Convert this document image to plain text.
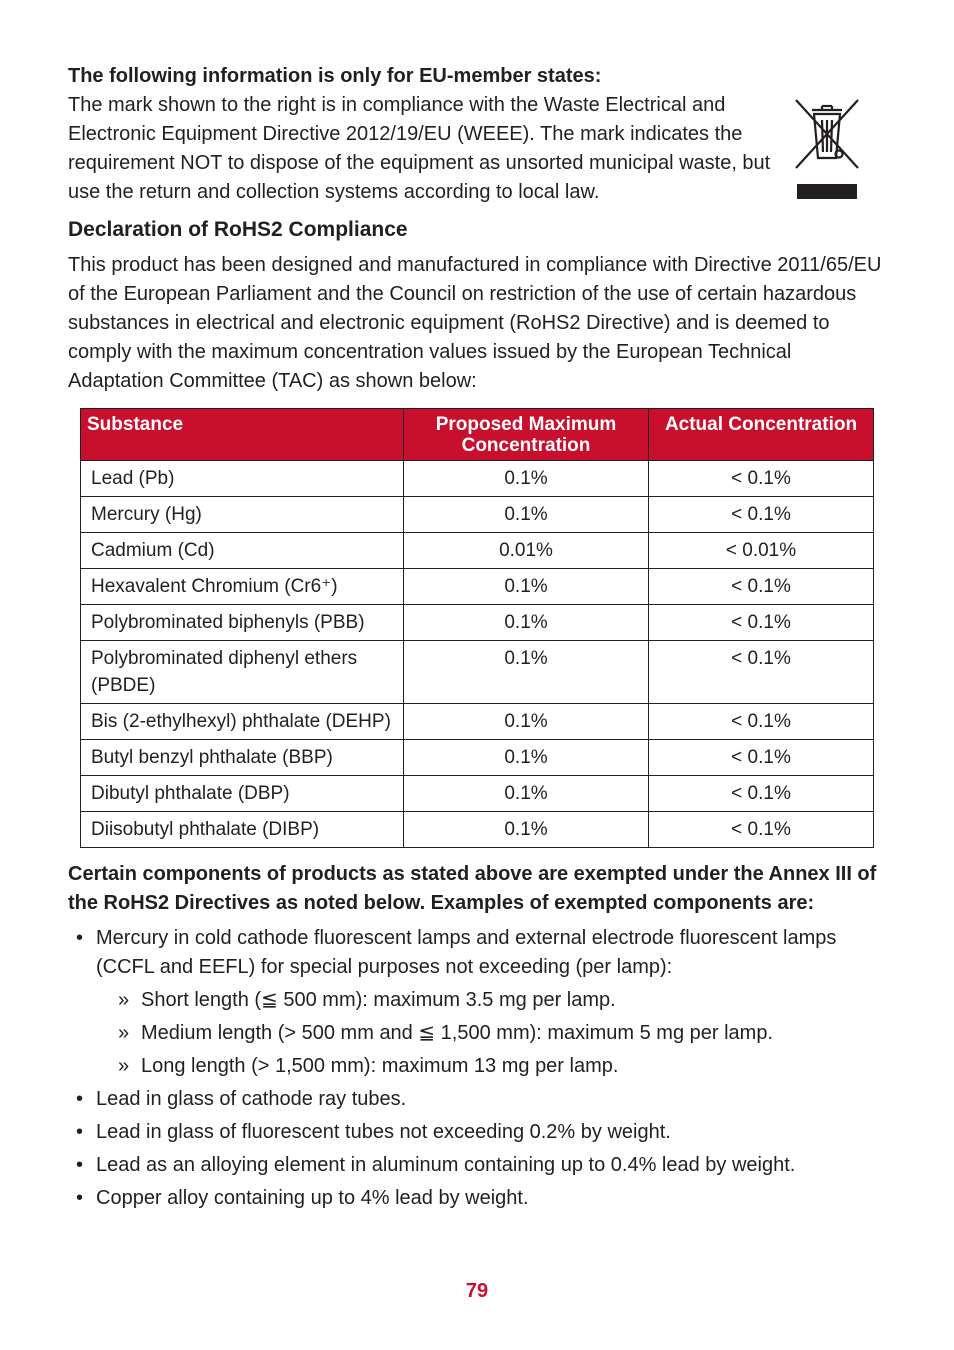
The following information is only for EU-member states:

The mark shown to the right is in compliance with the Waste Electrical and Electronic Equipment Directive 2012/19/EU (WEEE). The mark indicates the requirement NOT to dispose of the equipment as unsorted municipal waste, but use the return and collection systems according to local law.

Declaration of RoHS2 Compliance

This product has been designed and manufactured in compliance with Directive 2011/65/EU of the European Parliament and the Council on restriction of the use of certain hazardous substances in electrical and electronic equipment (RoHS2 Directive) and is deemed to comply with the maximum concentration values issued by the European Technical Adaptation Committee (TAC) as shown below:

Substance	Proposed Maximum Concentration	Actual Concentration
Lead (Pb)	0.1%	< 0.1%
Mercury (Hg)	0.1%	< 0.1%
Cadmium (Cd)	0.01%	< 0.01%
Hexavalent Chromium (Cr6⁺)	0.1%	< 0.1%
Polybrominated biphenyls (PBB)	0.1%	< 0.1%
Polybrominated diphenyl ethers (PBDE)	0.1%	< 0.1%
Bis (2-ethylhexyl) phthalate (DEHP)	0.1%	< 0.1%
Butyl benzyl phthalate (BBP)	0.1%	< 0.1%
Dibutyl phthalate (DBP)	0.1%	< 0.1%
Diisobutyl phthalate (DIBP)	0.1%	< 0.1%
Certain components of products as stated above are exempted under the Annex III of the RoHS2 Directives as noted below. Examples of exempted components are:
• Mercury in cold cathode fluorescent lamps and external electrode fluorescent lamps (CCFL and EEFL) for special purposes not exceeding (per lamp):
» Short length (≦ 500 mm): maximum 3.5 mg per lamp.
» Medium length (> 500 mm and ≦ 1,500 mm): maximum 5 mg per lamp.
» Long length (> 1,500 mm): maximum 13 mg per lamp.
• Lead in glass of cathode ray tubes.
• Lead in glass of fluorescent tubes not exceeding 0.2% by weight.
• Lead as an alloying element in aluminum containing up to 0.4% lead by weight.
• Copper alloy containing up to 4% lead by weight.
79
